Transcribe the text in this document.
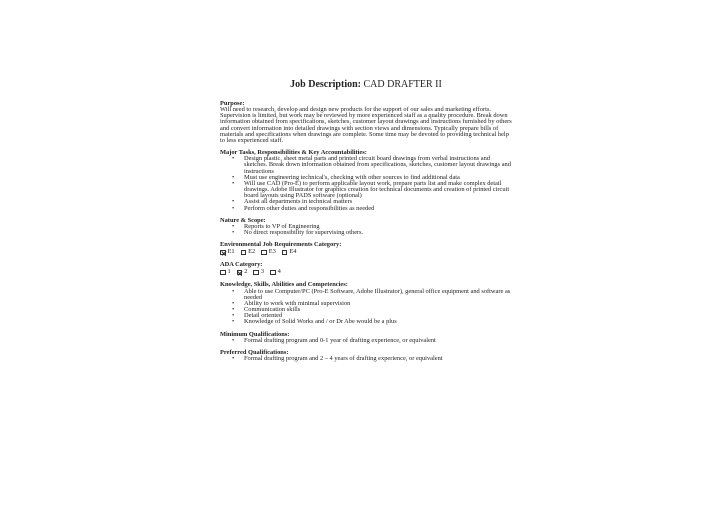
Job Description: CAD DRAFTER II

Purpose:

Will need to research, develop and design new products for the support of our sales and marketing efforts. Supervision is limited, but work may be reviewed by more experienced staff as a quality procedure. Break down information obtained from specifications, sketches, customer layout drawings and instructions furnished by others and convert information into detailed drawings with section views and dimensions. Typically prepare bills of materials and specifications when drawings are complete. Some time may be devoted to providing technical help to less experienced staff.

Major Tasks, Responsibilities & Key Accountabilities:

• Design plastic, sheet metal parts and printed circuit board drawings from verbal instructions and sketches. Break down information obtained from specifications, sketches, customer layout drawings and instructions
• Must use engineering technical's, checking with other sources to find additional data
• Will use CAD (Pro-E) to perform applicable layout work, prepare parts list and make complex detail drawings. Adobe Illustrator for graphics creation for technical documents and creation of printed circuit board layouts using PADS software (optional)
• Assist all departments in technical matters
• Perform other duties and responsibilities as needed

Nature & Scope:

• Reports to VP of Engineering
• No direct responsibility for supervising others.

Environmental Job Requirements Category:

E1 E2 E3 E4

ADA Category:

1 2 3 4

Knowledge, Skills, Abilities and Competencies:

• Able to use Computer/PC (Pro-E Software, Adobe Illustrator), general office equipment and software as needed
• Ability to work with minimal supervision
• Communication skills
• Detail oriented
• Knowledge of Solid Works and / or Dr Abe would be a plus

Minimum Qualifications:

• Formal drafting program and 0-1 year of drafting experience, or equivalent

Preferred Qualifications:

• Formal drafting program and 2 – 4 years of drafting experience, or equivalent
